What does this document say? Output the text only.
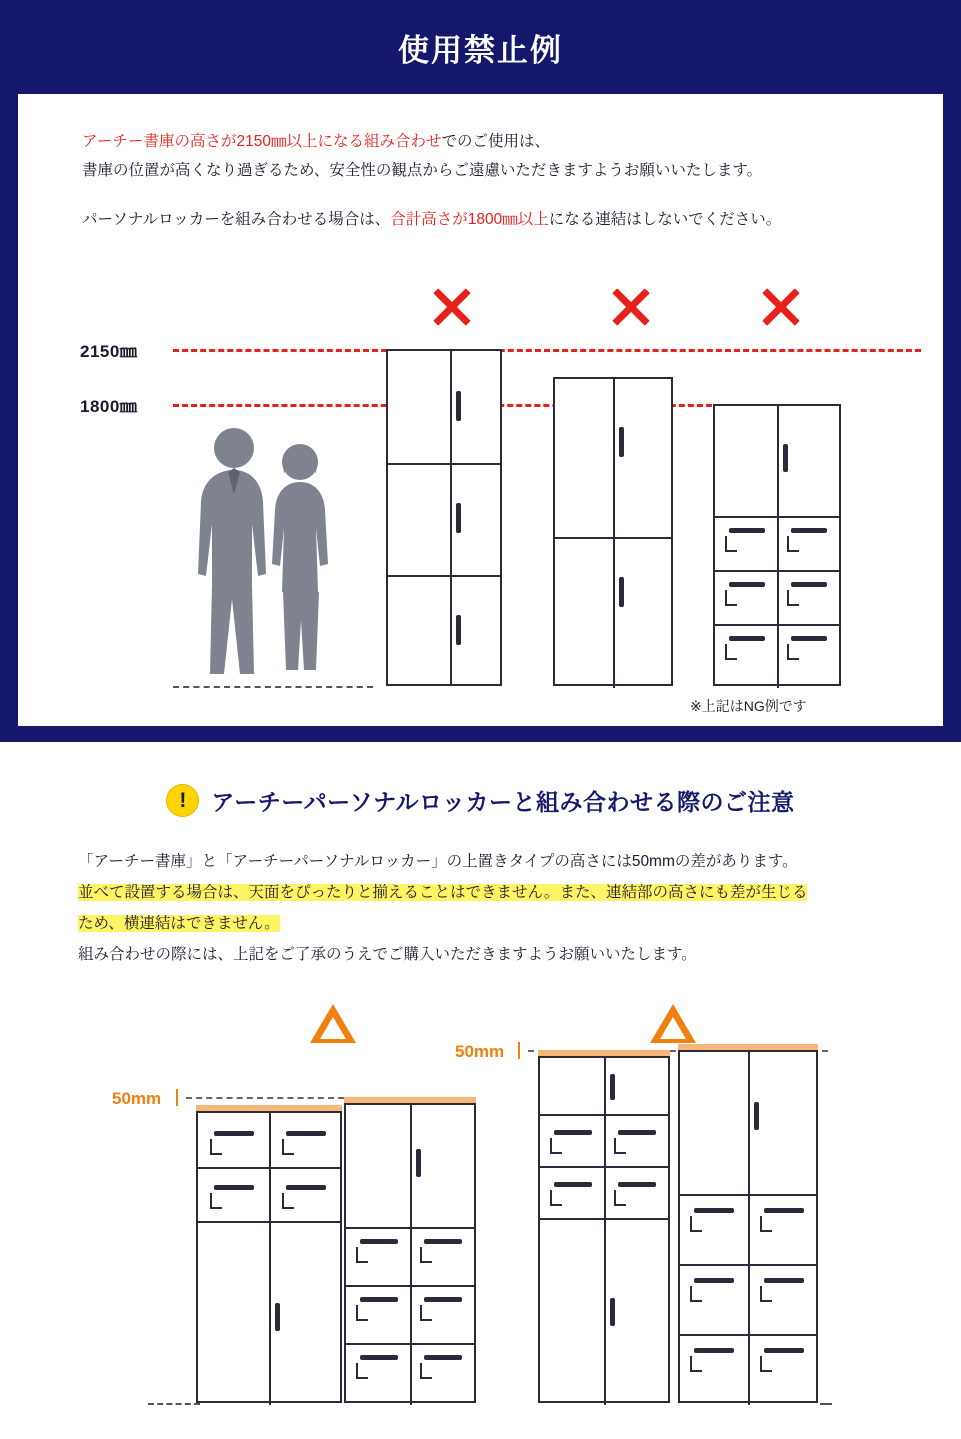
使用禁止例
アーチー書庫の高さが2150㎜以上になる組み合わせでのご使用は、
書庫の位置が高くなり過ぎるため、安全性の観点からご遠慮いただきますようお願いいたします。
パーソナルロッカーを組み合わせる場合は、合計高さが1800㎜以上になる連結はしないでください。
2150㎜
1800㎜
※上記はNG例です
! アーチーパーソナルロッカーと組み合わせる際のご注意
「アーチー書庫」と「アーチーパーソナルロッカー」の上置きタイプの高さには50mmの差があります。
並べて設置する場合は、天面をぴったりと揃えることはできません。また、連結部の高さにも差が生じる
ため、横連結はできません。
組み合わせの際には、上記をご了承のうえでご購入いただきますようお願いいたします。
50mm
50mm
